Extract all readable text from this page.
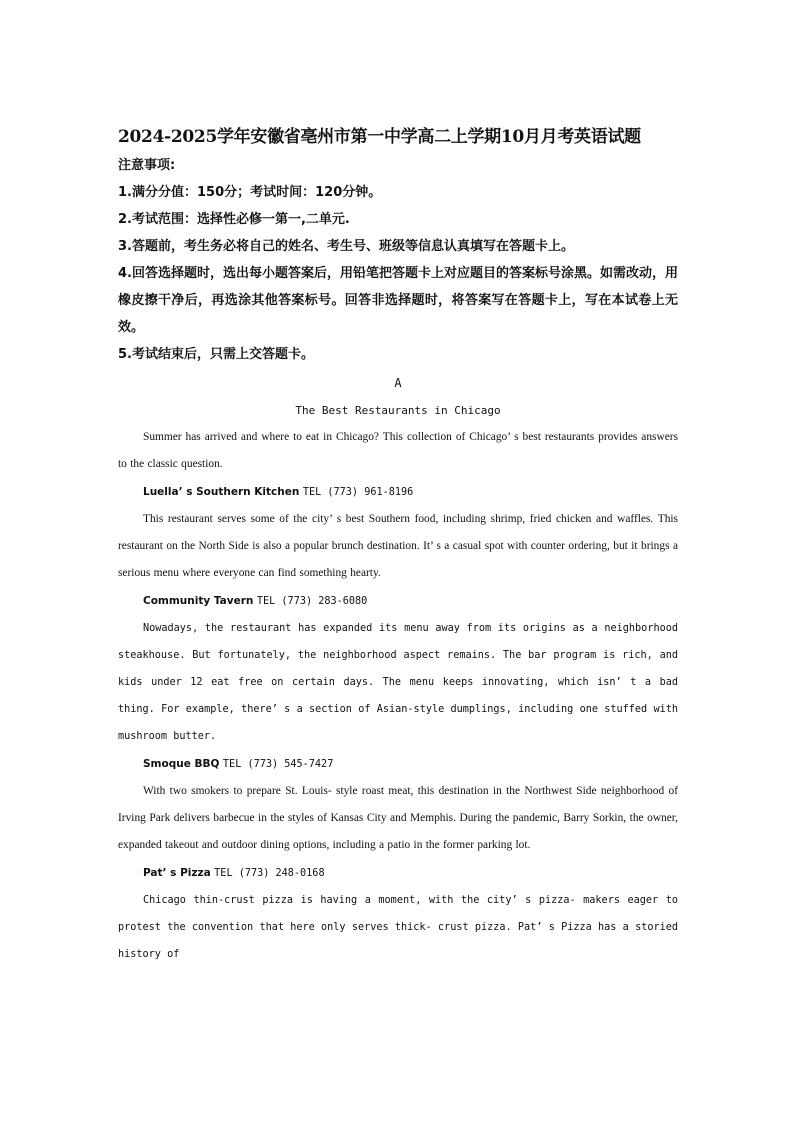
2024-2025学年安徽省亳州市第一中学高二上学期10月月考英语试题
注意事项:
1.满分分值：150分；考试时间：120分钟。
2.考试范围：选择性必修一第一,二单元.
3.答题前，考生务必将自己的姓名、考生号、班级等信息认真填写在答题卡上。
4.回答选择题时，选出每小题答案后，用铅笔把答题卡上对应题目的答案标号涂黑。如需改动，用橡皮擦干净后，再选涂其他答案标号。回答非选择题时，将答案写在答题卡上，写在本试卷上无效。
5.考试结束后，只需上交答题卡。
A
The Best Restaurants in Chicago

Summer has arrived and where to eat in Chicago? This collection of Chicago’ s best restaurants provides answers to the classic question.

Luella’ s Southern Kitchen TEL (773) 961-8196

This restaurant serves some of the city’ s best Southern food, including shrimp, fried chicken and waffles. This restaurant on the North Side is also a popular brunch destination. It’ s a casual spot with counter ordering, but it brings a serious menu where everyone can find something hearty.

Community Tavern TEL (773) 283-6080

Nowadays, the restaurant has expanded its menu away from its origins as a neighborhood steakhouse. But fortunately, the neighborhood aspect remains. The bar program is rich, and kids under 12 eat free on certain days. The menu keeps innovating, which isn’ t a bad thing. For example, there’ s a section of Asian-style dumplings, including one stuffed with mushroom butter.

Smoque BBQ TEL (773) 545-7427

With two smokers to prepare St. Louis- style roast meat, this destination in the Northwest Side neighborhood of Irving Park delivers barbecue in the styles of Kansas City and Memphis. During the pandemic, Barry Sorkin, the owner, expanded takeout and outdoor dining options, including a patio in the former parking lot.

Pat’ s Pizza TEL (773) 248-0168

Chicago thin-crust pizza is having a moment, with the city’ s pizza- makers eager to protest the convention that here only serves thick- crust pizza. Pat’ s Pizza has a storied history of
